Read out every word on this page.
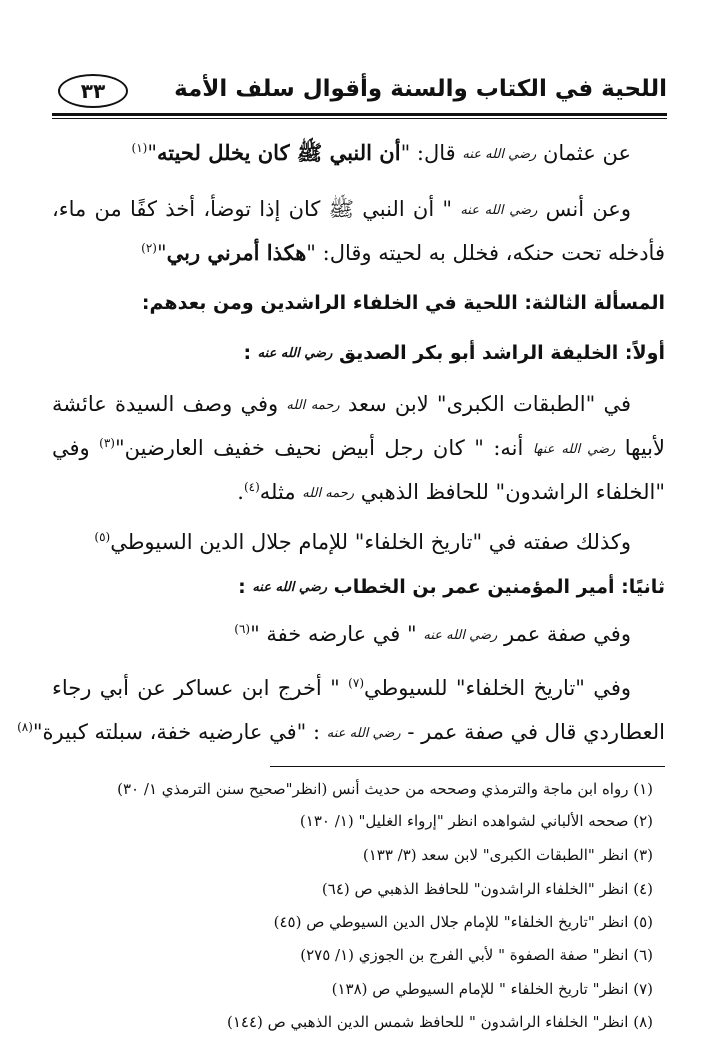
اللحية في الكتاب والسنة وأقوال سلف الأمة
٣٣
عن عثمان رضي الله عنه قال: "أن النبي ﷺ كان يخلل لحيته"$^{(١)}$
وعن أنس رضي الله عنه " أن النبي ﷺ كان إذا توضأ، أخذ كفًا من ماء،
فأدخله تحت حنكه، فخلل به لحيته وقال: "هكذا أمرني ربي"$^{(٢)}$
المسألة الثالثة: اللحية في الخلفاء الراشدين ومن بعدهم:
أولاً: الخليفة الراشد أبو بكر الصديق رضي الله عنه :
في "الطبقات الكبرى" لابن سعد رحمه الله وفي وصف السيدة عائشة
لأبيها رضي الله عنها أنه: " كان رجل أبيض نحيف خفيف العارضين"$^{(٣)}$ وفي
"الخلفاء الراشدون" للحافظ الذهبي رحمه الله مثله$^{(٤)}$.
وكذلك صفته في "تاريخ الخلفاء" للإمام جلال الدين السيوطي$^{(٥)}$
ثانيًا: أمير المؤمنين عمر بن الخطاب رضي الله عنه :
وفي صفة عمر رضي الله عنه " في عارضه خفة "$^{(٦)}$
وفي "تاريخ الخلفاء" للسيوطي$^{(٧)}$ " أخرج ابن عساكر عن أبي رجاء
العطاردي قال في صفة عمر - رضي الله عنه : "في عارضيه خفة، سبلته كبيرة"$^{(٨)}$
(١) رواه ابن ماجة والترمذي وصححه من حديث أنس (انظر"صحيح سنن الترمذي ١/ ٣٠)
(٢) صححه الألباني لشواهده انظر "إرواء الغليل" (١/ ١٣٠)
(٣) انظر "الطبقات الكبرى" لابن سعد (٣/ ١٣٣)
(٤) انظر "الخلفاء الراشدون" للحافظ الذهبي ص (٦٤)
(٥) انظر "تاريخ الخلفاء" للإمام جلال الدين السيوطي ص (٤٥)
(٦) انظر" صفة الصفوة " لأبي الفرج بن الجوزي (١/ ٢٧٥)
(٧) انظر" تاريخ الخلفاء " للإمام السيوطي ص (١٣٨)
(٨) انظر" الخلفاء الراشدون " للحافظ شمس الدين الذهبي ص (١٤٤)
